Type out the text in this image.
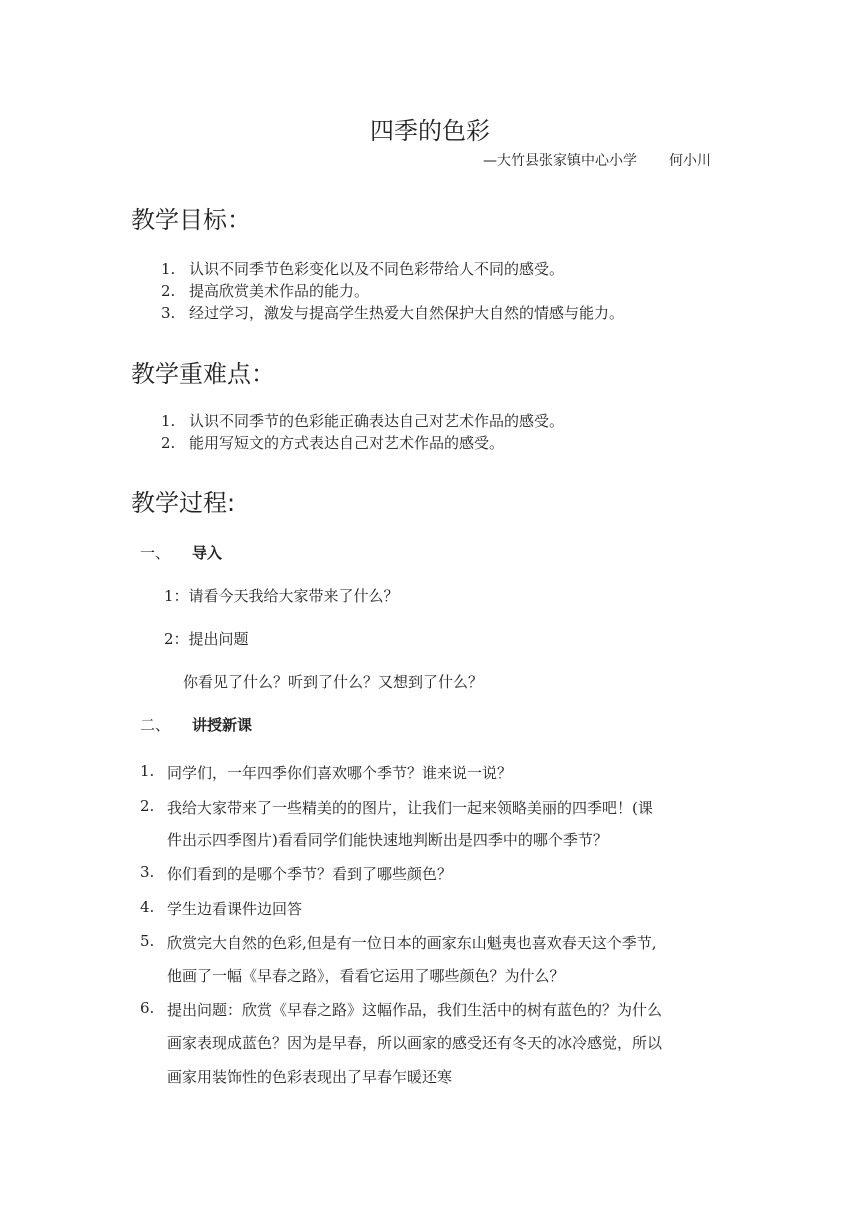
四季的色彩
—大竹县张家镇中心小学 何小川
教学目标：
1. 认识不同季节色彩变化以及不同色彩带给人不同的感受。
2. 提高欣赏美术作品的能力。
3. 经过学习，激发与提高学生热爱大自然保护大自然的情感与能力。
教学重难点：
1. 认识不同季节的色彩能正确表达自己对艺术作品的感受。
2. 能用写短文的方式表达自己对艺术作品的感受。
教学过程:
一、 导入
1：请看今天我给大家带来了什么？
2：提出问题
你看见了什么？听到了什么？又想到了什么？
二、 讲授新课
1. 同学们，一年四季你们喜欢哪个季节？谁来说一说？
2. 我给大家带来了一些精美的的图片，让我们一起来领略美丽的四季吧！(课
件出示四季图片)看看同学们能快速地判断出是四季中的哪个季节？
3. 你们看到的是哪个季节？看到了哪些颜色？
4. 学生边看课件边回答
5. 欣赏完大自然的色彩,但是有一位日本的画家东山魁夷也喜欢春天这个季节,
他画了一幅《早春之路》，看看它运用了哪些颜色？为什么？
6. 提出问题：欣赏《早春之路》这幅作品，我们生活中的树有蓝色的？为什么
画家表现成蓝色？因为是早春，所以画家的感受还有冬天的冰冷感觉，所以
画家用装饰性的色彩表现出了早春乍暖还寒
